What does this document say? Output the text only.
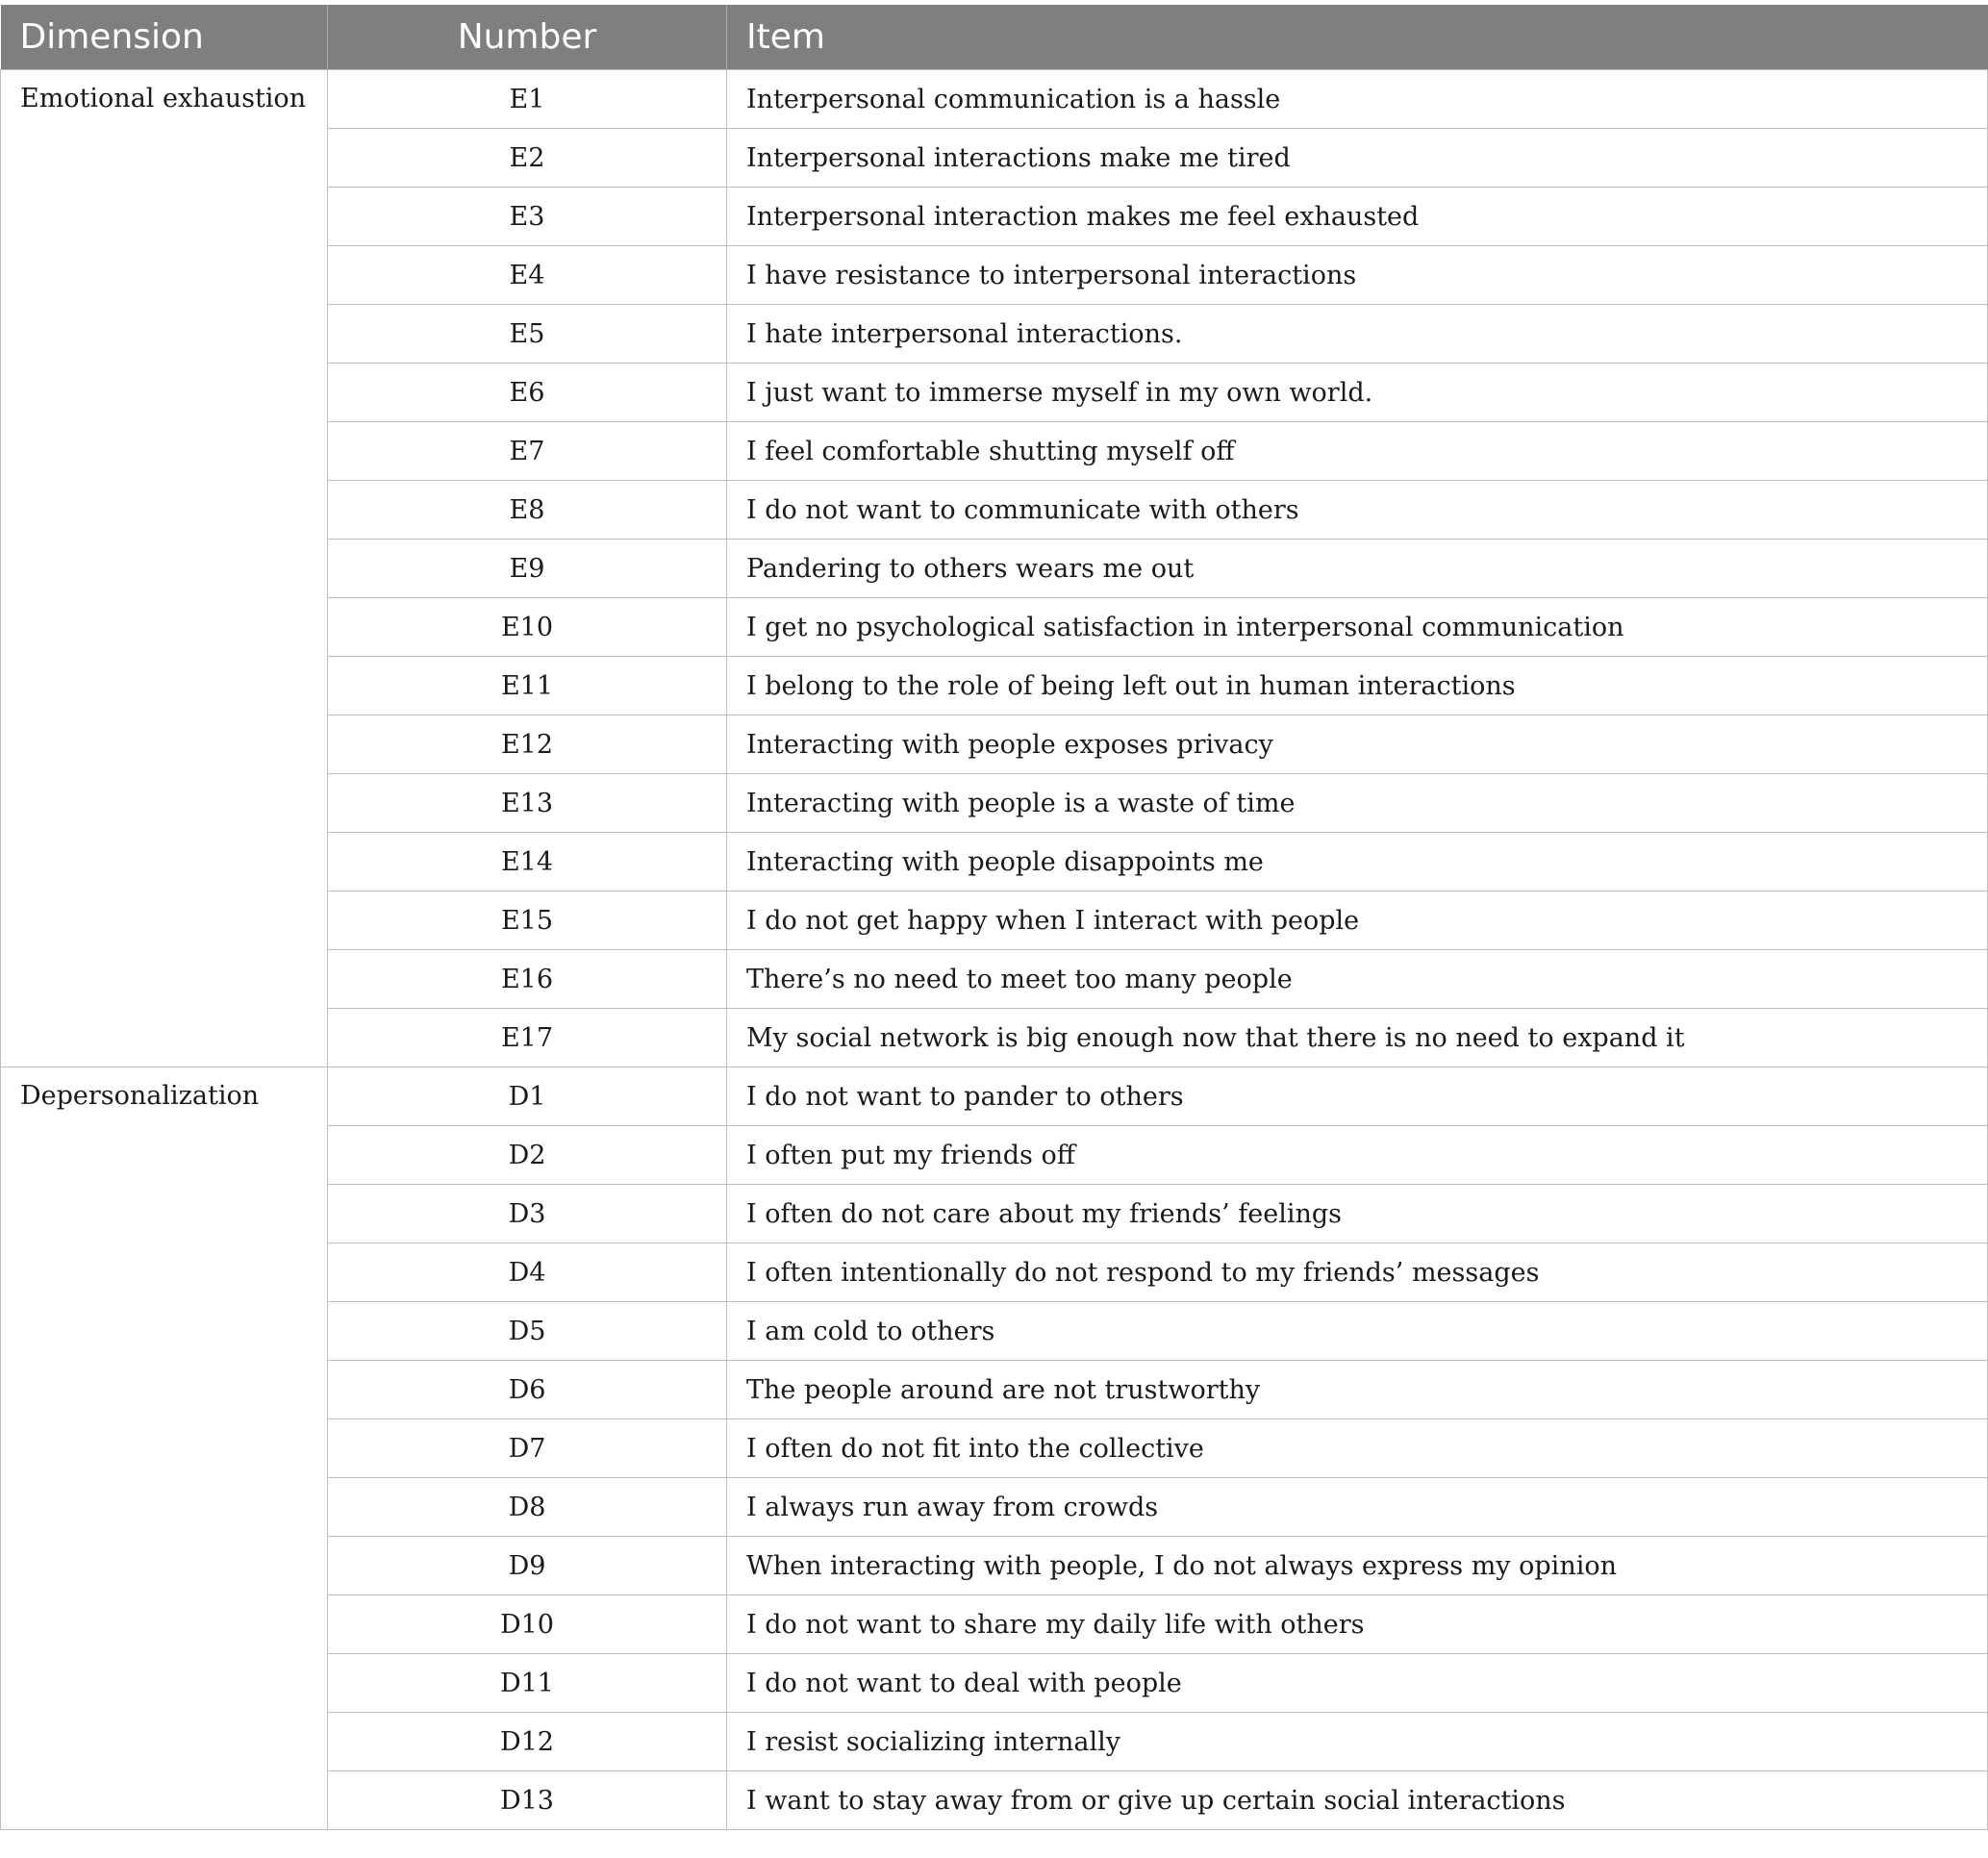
Dimension	Number	Item
Emotional exhaustion	E1	Interpersonal communication is a hassle
	E2	Interpersonal interactions make me tired
	E3	Interpersonal interaction makes me feel exhausted
	E4	I have resistance to interpersonal interactions
	E5	I hate interpersonal interactions.
	E6	I just want to immerse myself in my own world.
	E7	I feel comfortable shutting myself off
	E8	I do not want to communicate with others
	E9	Pandering to others wears me out
	E10	I get no psychological satisfaction in interpersonal communication
	E11	I belong to the role of being left out in human interactions
	E12	Interacting with people exposes privacy
	E13	Interacting with people is a waste of time
	E14	Interacting with people disappoints me
	E15	I do not get happy when I interact with people
	E16	There’s no need to meet too many people
	E17	My social network is big enough now that there is no need to expand it
Depersonalization	D1	I do not want to pander to others
	D2	I often put my friends off
	D3	I often do not care about my friends’ feelings
	D4	I often intentionally do not respond to my friends’ messages
	D5	I am cold to others
	D6	The people around are not trustworthy
	D7	I often do not fit into the collective
	D8	I always run away from crowds
	D9	When interacting with people, I do not always express my opinion
	D10	I do not want to share my daily life with others
	D11	I do not want to deal with people
	D12	I resist socializing internally
	D13	I want to stay away from or give up certain social interactions
